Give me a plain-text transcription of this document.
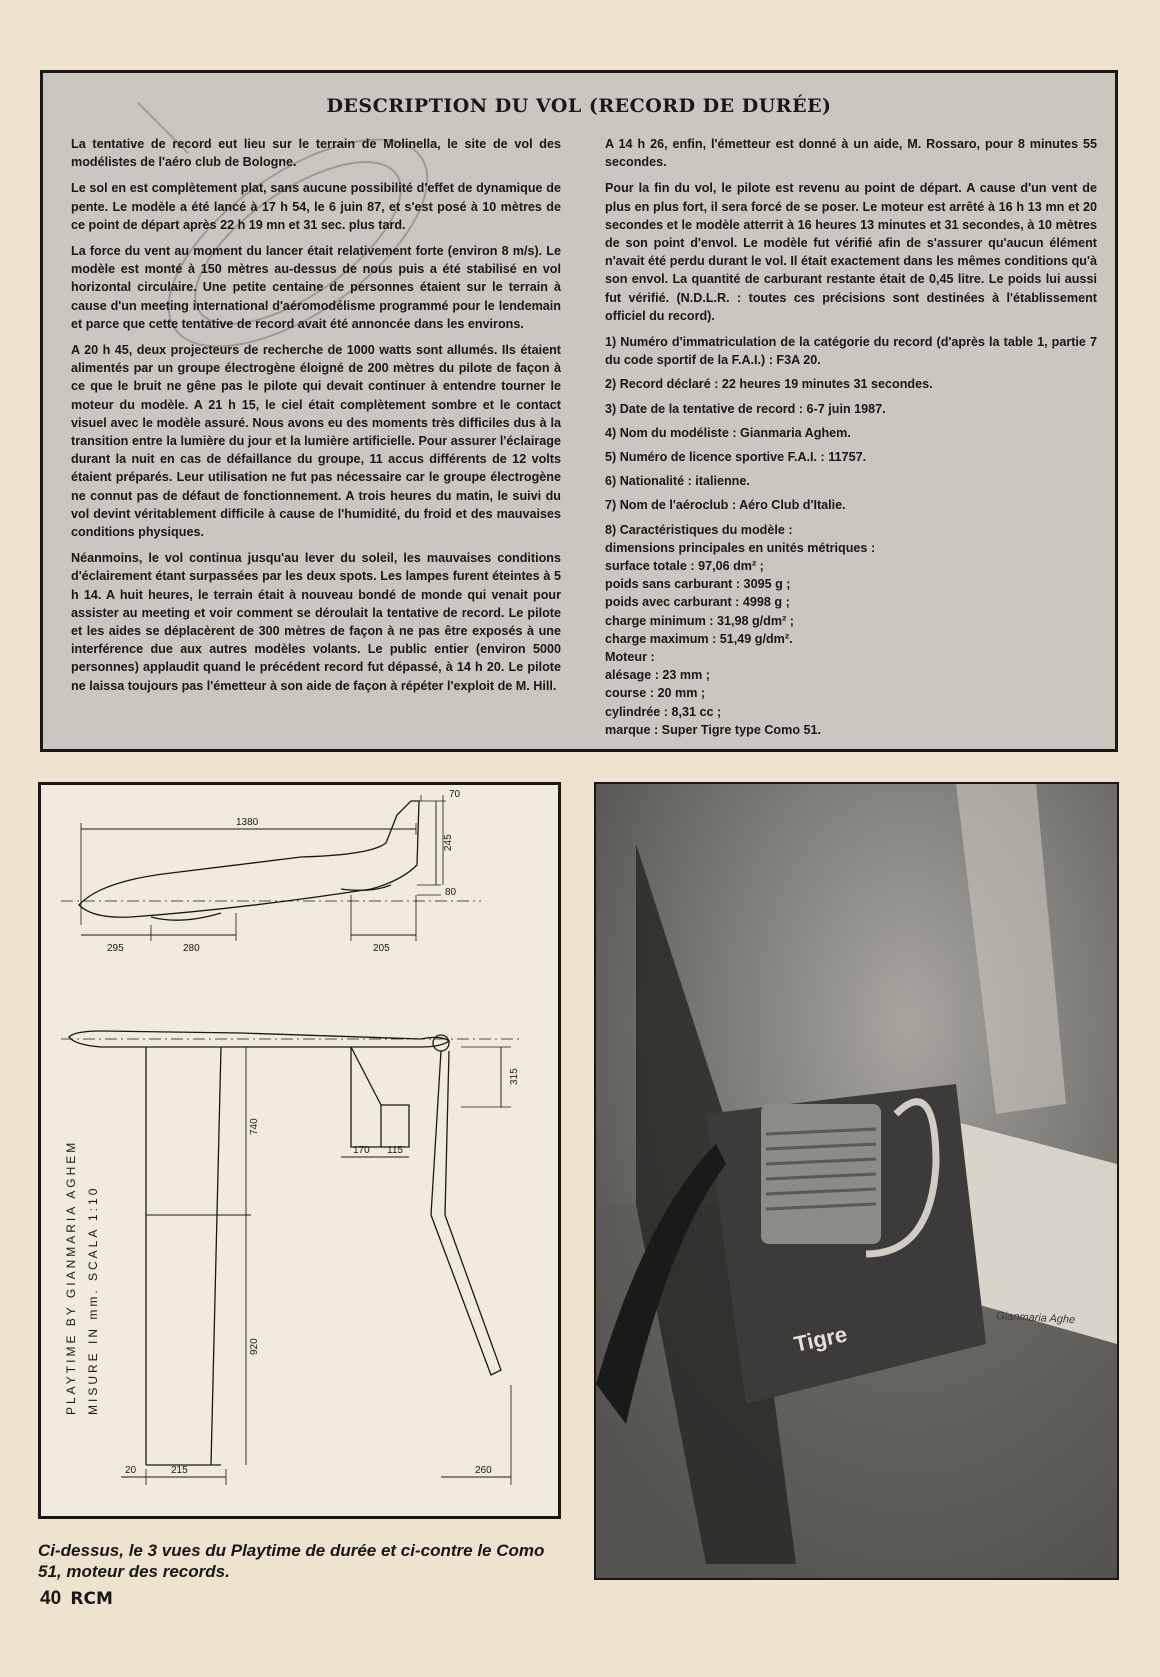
DESCRIPTION DU VOL (RECORD DE DURÉE)

La tentative de record eut lieu sur le terrain de Molinella, le site de vol des modélistes de l'aéro club de Bologne.

Le sol en est complètement plat, sans aucune possibilité d'effet de dynamique de pente. Le modèle a été lancé à 17 h 54, le 6 juin 87, et s'est posé à 10 mètres de ce point de départ après 22 h 19 mn et 31 sec. plus tard.

La force du vent au moment du lancer était relativement forte (environ 8 m/s). Le modèle est monté à 150 mètres au-dessus de nous puis a été stabilisé en vol horizontal circulaire. Une petite centaine de personnes étaient sur le terrain à cause d'un meeting international d'aéromodélisme programmé pour le lendemain et parce que cette tentative de record avait été annoncée dans les environs.

A 20 h 45, deux projecteurs de recherche de 1000 watts sont allumés. Ils étaient alimentés par un groupe électrogène éloigné de 200 mètres du pilote de façon à ce que le bruit ne gêne pas le pilote qui devait continuer à entendre tourner le moteur du modèle. A 21 h 15, le ciel était complètement sombre et le contact visuel avec le modèle assuré. Nous avons eu des moments très difficiles dus à la transition entre la lumière du jour et la lumière artificielle. Pour assurer l'éclairage durant la nuit en cas de défaillance du groupe, 11 accus différents de 12 volts étaient préparés. Leur utilisation ne fut pas nécessaire car le groupe électrogène ne connut pas de défaut de fonctionnement. A trois heures du matin, le suivi du vol devint véritablement difficile à cause de l'humidité, du froid et des mauvaises conditions physiques.

Néanmoins, le vol continua jusqu'au lever du soleil, les mauvaises conditions d'éclairement étant surpassées par les deux spots. Les lampes furent éteintes à 5 h 14. A huit heures, le terrain était à nouveau bondé de monde qui venait pour assister au meeting et voir comment se déroulait la tentative de record. Le pilote et les aides se déplacèrent de 300 mètres de façon à ne pas être exposés à une interférence due aux autres modèles volants. Le public entier (environ 5000 personnes) applaudit quand le précédent record fut dépassé, à 14 h 20. Le pilote ne laissa toujours pas l'émetteur à son aide de façon à répéter l'exploit de M. Hill.

A 14 h 26, enfin, l'émetteur est donné à un aide, M. Rossaro, pour 8 minutes 55 secondes.

Pour la fin du vol, le pilote est revenu au point de départ. A cause d'un vent de plus en plus fort, il sera forcé de se poser. Le moteur est arrêté à 16 h 13 mn et 20 secondes et le modèle atterrit à 16 heures 13 minutes et 31 secondes, à 10 mètres de son point d'envol. Le modèle fut vérifié afin de s'assurer qu'aucun élément n'avait été perdu durant le vol. Il était exactement dans les mêmes conditions qu'à son envol. La quantité de carburant restante était de 0,45 litre. Le poids lui aussi fut vérifié. (N.D.L.R. : toutes ces précisions sont destinées à l'établissement officiel du record).

1) Numéro d'immatriculation de la catégorie du record (d'après la table 1, partie 7 du code sportif de la F.A.I.) : F3A 20.

2) Record déclaré : 22 heures 19 minutes 31 secondes.

3) Date de la tentative de record : 6-7 juin 1987.

4) Nom du modéliste : Gianmaria Aghem.

5) Numéro de licence sportive F.A.I. : 11757.

6) Nationalité : italienne.

7) Nom de l'aéroclub : Aéro Club d'Italie.

8) Caractéristiques du modèle :
dimensions principales en unités métriques :
surface totale : 97,06 dm² ;
poids sans carburant : 3095 g ;
poids avec carburant : 4998 g ;
charge minimum : 31,98 g/dm² ;
charge maximum : 51,49 g/dm².
Moteur :
alésage : 23 mm ;
course : 20 mm ;
cylindrée : 8,31 cc ;
marque : Super Tigre type Como 51.
1380
70
245
80
295	280	205
315
740
170 115
920
20	215	260
PLAYTIME BY GIANMARIA AGHEM MISURE IN mm. SCALA 1:10	Tigre
Gianmaria Aghe
Ci-dessus, le 3 vues du Playtime de durée et ci-contre le Como 51, moteur des records.
40 RCM
